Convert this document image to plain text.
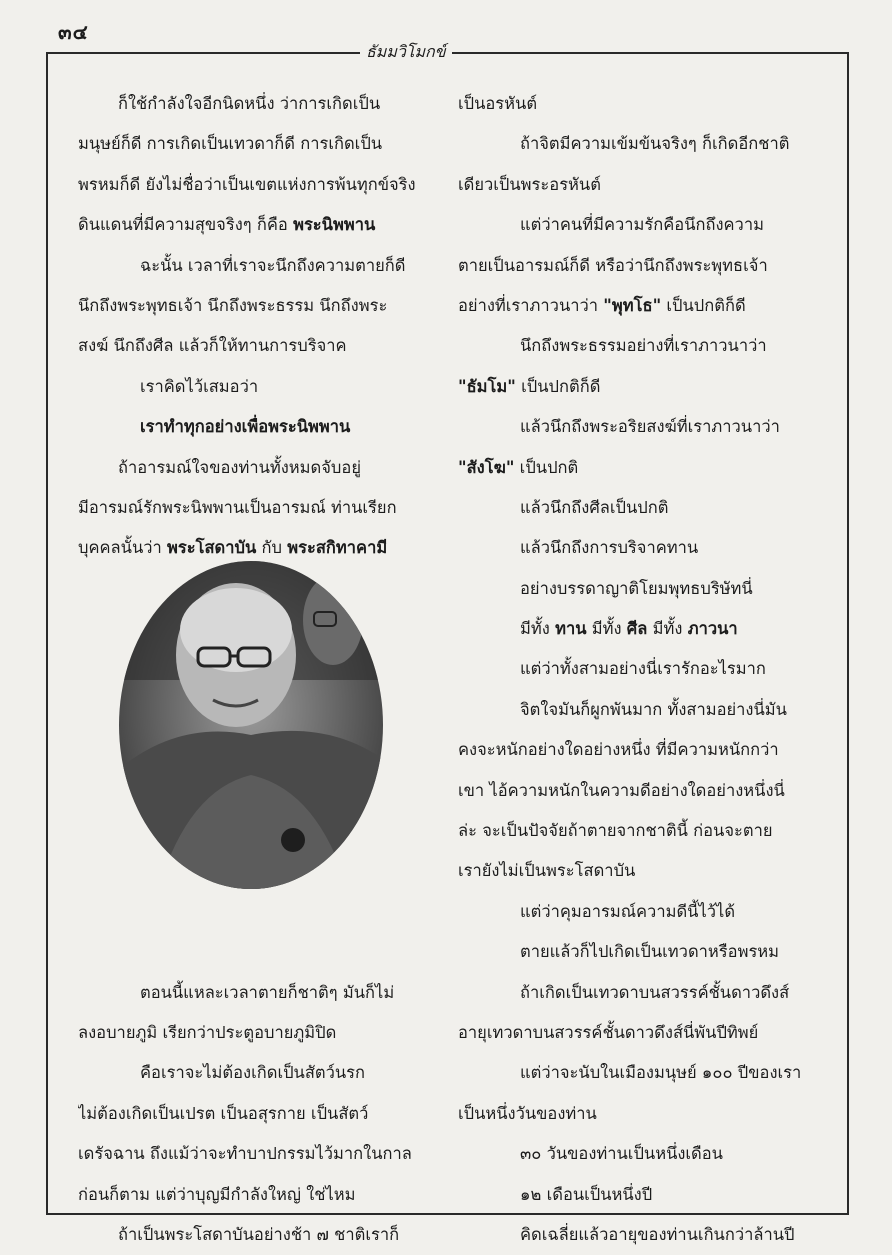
๓๔
ธัมมวิโมกข์
ก็ใช้กำลังใจอีกนิดหนึ่ง ว่าการเกิดเป็น
มนุษย์ก็ดี การเกิดเป็นเทวดาก็ดี การเกิดเป็น
พรหมก็ดี ยังไม่ชื่อว่าเป็นเขตแห่งการพ้นทุกข์จริง
ดินแดนที่มีความสุขจริงๆ ก็คือ พระนิพพาน
ฉะนั้น เวลาที่เราจะนึกถึงความตายก็ดี
นึกถึงพระพุทธเจ้า นึกถึงพระธรรม นึกถึงพระ
สงฆ์ นึกถึงศีล แล้วก็ให้ทานการบริจาค
เราคิดไว้เสมอว่า
เราทำทุกอย่างเพื่อพระนิพพาน
ถ้าอารมณ์ใจของท่านทั้งหมดจับอยู่
มีอารมณ์รักพระนิพพานเป็นอารมณ์ ท่านเรียก
บุคคลนั้นว่า พระโสดาบัน กับ พระสกิทาคามี
ตอนนี้แหละเวลาตายก็ชาติๆ มันก็ไม่
ลงอบายภูมิ เรียกว่าประตูอบายภูมิปิด
คือเราจะไม่ต้องเกิดเป็นสัตว์นรก
ไม่ต้องเกิดเป็นเปรต เป็นอสุรกาย เป็นสัตว์
เดรัจฉาน ถึงแม้ว่าจะทำบาปกรรมไว้มากในกาล
ก่อนก็ตาม แต่ว่าบุญมีกำลังใหญ่ ใช่ไหม
ถ้าเป็นพระโสดาบันอย่างช้า ๗ ชาติเราก็
เป็นอรหันต์
ถ้าจิตมีความเข้มข้นจริงๆ ก็เกิดอีกชาติ
เดียวเป็นพระอรหันต์
แต่ว่าคนที่มีความรักคือนึกถึงความ
ตายเป็นอารมณ์ก็ดี หรือว่านึกถึงพระพุทธเจ้า
อย่างที่เราภาวนาว่า "พุทโธ" เป็นปกติก็ดี
นึกถึงพระธรรมอย่างที่เราภาวนาว่า
"ธัมโม" เป็นปกติก็ดี
แล้วนึกถึงพระอริยสงฆ์ที่เราภาวนาว่า
"สังโฆ" เป็นปกติ
แล้วนึกถึงศีลเป็นปกติ
แล้วนึกถึงการบริจาคทาน
อย่างบรรดาญาติโยมพุทธบริษัทนี่
มีทั้ง ทาน มีทั้ง ศีล มีทั้ง ภาวนา
แต่ว่าทั้งสามอย่างนี่เรารักอะไรมาก
จิตใจมันก็ผูกพันมาก ทั้งสามอย่างนี่มัน
คงจะหนักอย่างใดอย่างหนึ่ง ที่มีความหนักกว่า
เขา ไอ้ความหนักในความดีอย่างใดอย่างหนึ่งนี่
ล่ะ จะเป็นปัจจัยถ้าตายจากชาตินี้ ก่อนจะตาย
เรายังไม่เป็นพระโสดาบัน
แต่ว่าคุมอารมณ์ความดีนี้ไว้ได้
ตายแล้วก็ไปเกิดเป็นเทวดาหรือพรหม
ถ้าเกิดเป็นเทวดาบนสวรรค์ชั้นดาวดึงส์
อายุเทวดาบนสวรรค์ชั้นดาวดึงส์นี่พันปีทิพย์
แต่ว่าจะนับในเมืองมนุษย์ ๑๐๐ ปีของเรา
เป็นหนึ่งวันของท่าน
๓๐ วันของท่านเป็นหนึ่งเดือน
๑๒ เดือนเป็นหนึ่งปี
คิดเฉลี่ยแล้วอายุของท่านเกินกว่าล้านปี
